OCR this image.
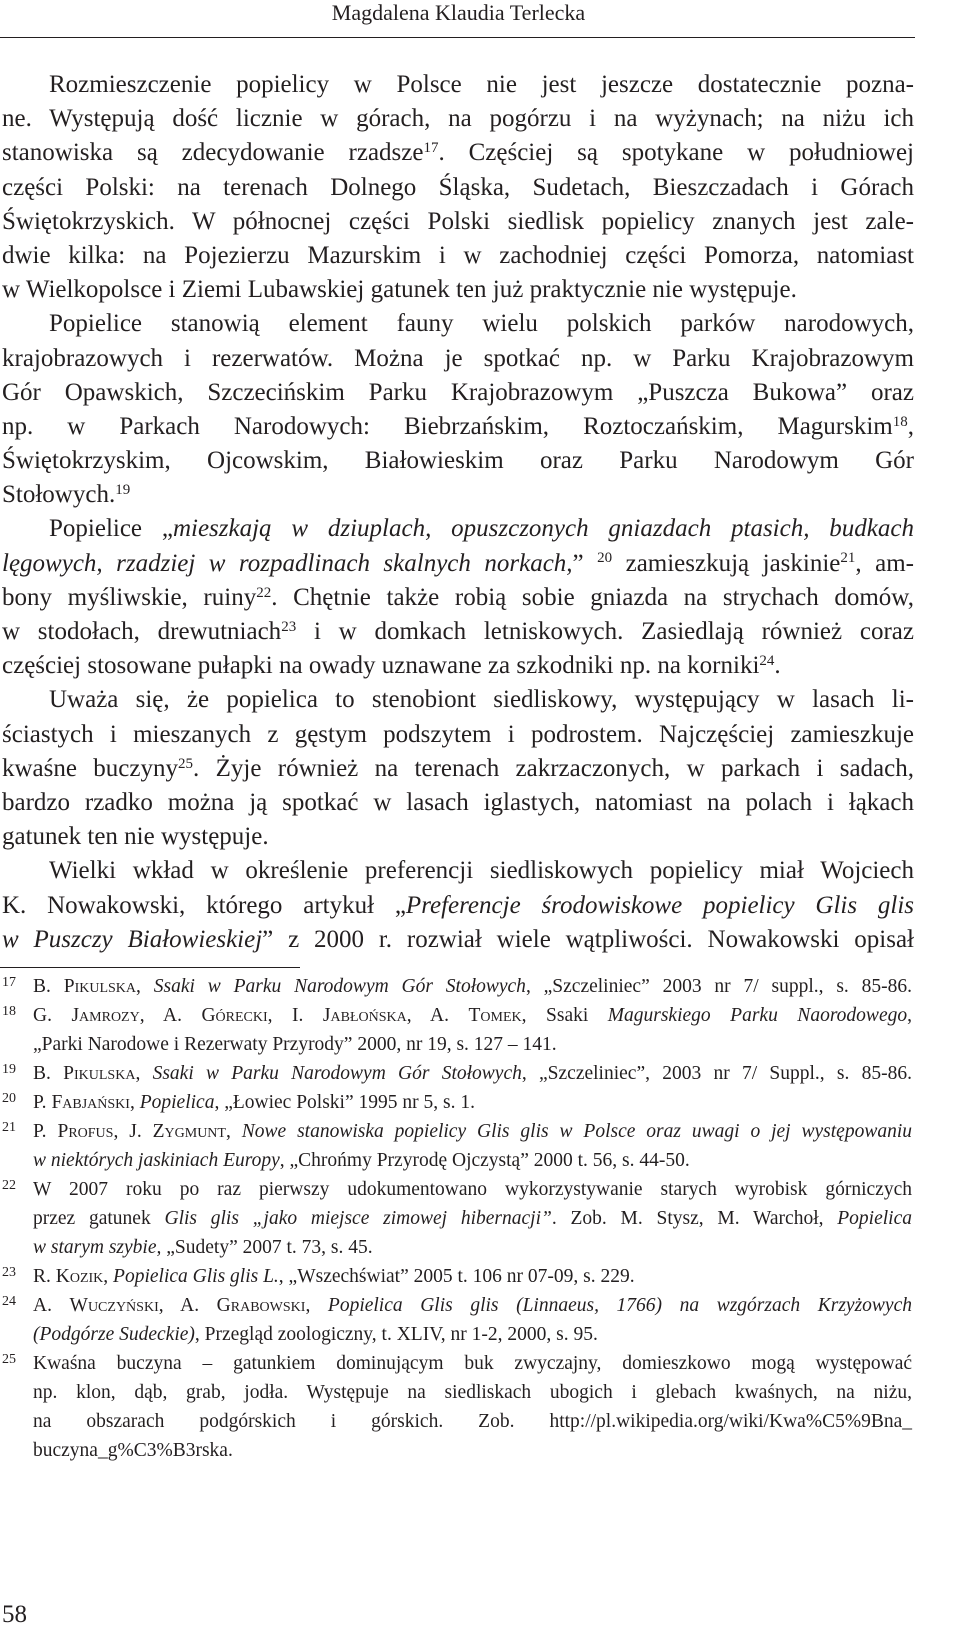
Magdalena Klaudia Terlecka
Rozmieszczenie popielicy w Polsce nie jest jeszcze dostatecznie pozna-
ne. Występują dość licznie w górach, na pogórzu i na wyżynach; na niżu ich
stanowiska są zdecydowanie rzadsze$^{17}$. Częściej są spotykane w południowej
części Polski: na terenach Dolnego Śląska, Sudetach, Bieszczadach i Górach
Świętokrzyskich. W północnej części Polski siedlisk popielicy znanych jest zale-
dwie kilka: na Pojezierzu Mazurskim i w zachodniej części Pomorza, natomiast
w Wielkopolsce i Ziemi Lubawskiej gatunek ten już praktycznie nie występuje.
Popielice stanowią element fauny wielu polskich parków narodowych,
krajobrazowych i rezerwatów. Można je spotkać np. w Parku Krajobrazowym
Gór Opawskich, Szczecińskim Parku Krajobrazowym „Puszcza Bukowa” oraz
np. w Parkach Narodowych: Biebrzańskim, Roztoczańskim, Magurskim$^{18}$,
Świętokrzyskim, Ojcowskim, Białowieskim oraz Parku Narodowym Gór
Stołowych.$^{19}$
Popielice „mieszkają w dziuplach, opuszczonych gniazdach ptasich, budkach
lęgowych, rzadziej w rozpadlinach skalnych norkach,” $^{20}$ zamieszkują jaskinie$^{21}$, am-
bony myśliwskie, ruiny$^{22}$. Chętnie także robią sobie gniazda na strychach domów,
w stodołach, drewutniach$^{23}$ i w domkach letniskowych. Zasiedlają również coraz
częściej stosowane pułapki na owady uznawane za szkodniki np. na korniki$^{24}$.
Uważa się, że popielica to stenobiont siedliskowy, występujący w lasach li-
ściastych i mieszanych z gęstym podszytem i podrostem. Najczęściej zamieszkuje
kwaśne buczyny$^{25}$. Żyje również na terenach zakrzaczonych, w parkach i sadach,
bardzo rzadko można ją spotkać w lasach iglastych, natomiast na polach i łąkach
gatunek ten nie występuje.
Wielki wkład w określenie preferencji siedliskowych popielicy miał Wojciech
K. Nowakowski, którego artykuł „Preferencje środowiskowe popielicy Glis glis
w Puszczy Białowieskiej” z 2000 r. rozwiał wiele wątpliwości. Nowakowski opisał
17 B. Pikulska, Ssaki w Parku Narodowym Gór Stołowych, „Szczeliniec” 2003 nr 7/ suppl., s. 85-86.
18 G. Jamrozy, A. Górecki, I. Jabłońska, A. Tomek, Ssaki Magurskiego Parku Naorodowego,
„Parki Narodowe i Rezerwaty Przyrody” 2000, nr 19, s. 127 – 141.
19 B. Pikulska, Ssaki w Parku Narodowym Gór Stołowych, „Szczeliniec”, 2003 nr 7/ Suppl., s. 85-86.
20 P. Fabjański, Popielica, „Łowiec Polski” 1995 nr 5, s. 1.
21 P. Profus, J. Zygmunt, Nowe stanowiska popielicy Glis glis w Polsce oraz uwagi o jej występowaniu
w niektórych jaskiniach Europy, „Chrońmy Przyrodę Ojczystą” 2000 t. 56, s. 44-50.
22 W 2007 roku po raz pierwszy udokumentowano wykorzystywanie starych wyrobisk górniczych
przez gatunek Glis glis „jako miejsce zimowej hibernacji”. Zob. M. Stysz, M. Warchoł, Popielica
w starym szybie, „Sudety” 2007 t. 73, s. 45.
23 R. Kozik, Popielica Glis glis L., „Wszechświat” 2005 t. 106 nr 07-09, s. 229.
24 A. Wuczyński, A. Grabowski, Popielica Glis glis (Linnaeus, 1766) na wzgórzach Krzyżowych
(Podgórze Sudeckie), Przegląd zoologiczny, t. XLIV, nr 1-2, 2000, s. 95.
25 Kwaśna buczyna – gatunkiem dominującym buk zwyczajny, domieszkowo mogą występować
np. klon, dąb, grab, jodła. Występuje na siedliskach ubogich i glebach kwaśnych, na niżu,
na obszarach podgórskich i górskich. Zob. http://pl.wikipedia.org/wiki/Kwa%C5%9Bna_
buczyna_g%C3%B3rska.
58
